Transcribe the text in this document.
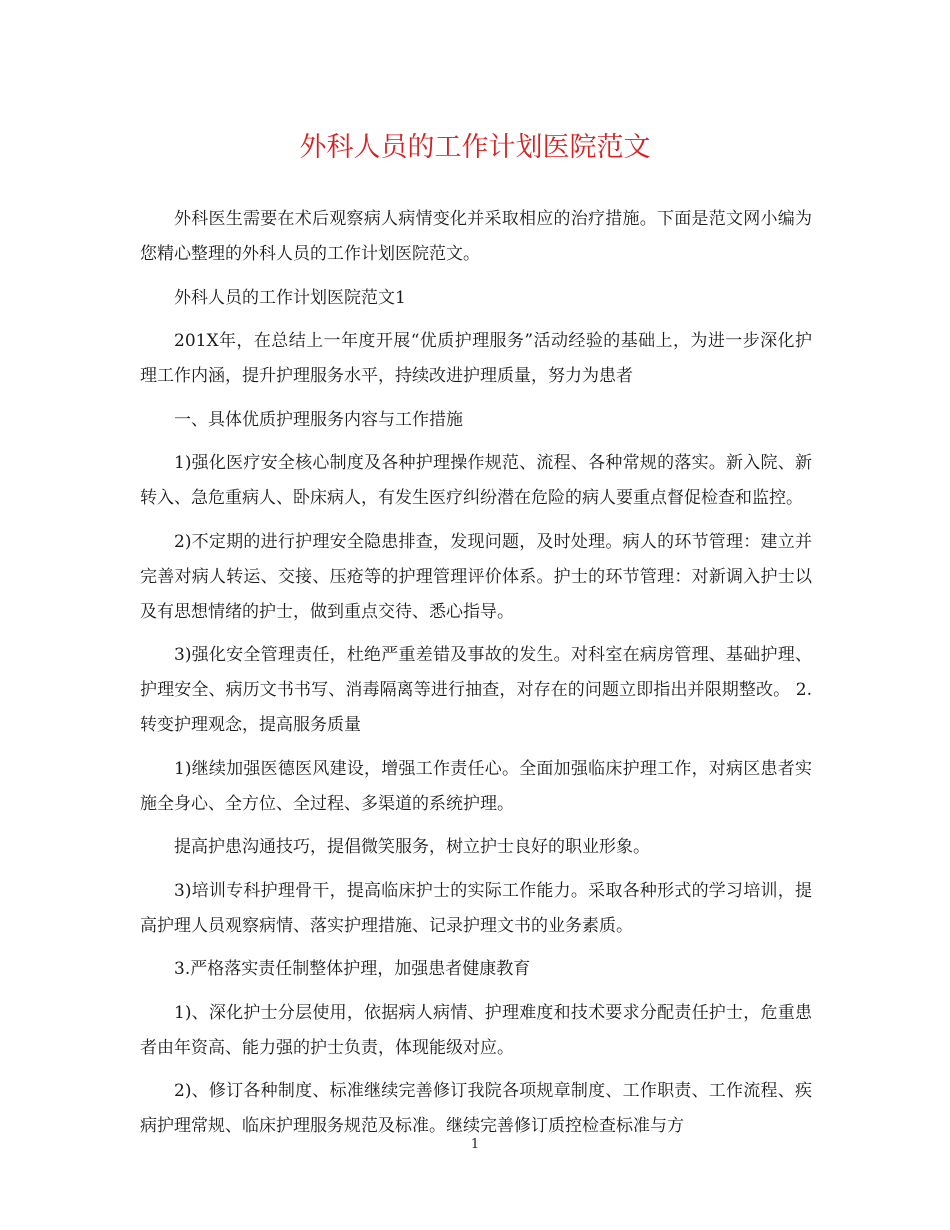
外科人员的工作计划医院范文

外科医生需要在术后观察病人病情变化并采取相应的治疗措施。下面是范文网小编为您精心整理的外科人员的工作计划医院范文。

外科人员的工作计划医院范文1

201X年，在总结上一年度开展“优质护理服务”活动经验的基础上，为进一步深化护理工作内涵，提升护理服务水平，持续改进护理质量，努力为患者

一、具体优质护理服务内容与工作措施

1)强化医疗安全核心制度及各种护理操作规范、流程、各种常规的落实。新入院、新转入、急危重病人、卧床病人，有发生医疗纠纷潜在危险的病人要重点督促检查和监控。

2)不定期的进行护理安全隐患排查，发现问题，及时处理。病人的环节管理：建立并完善对病人转运、交接、压疮等的护理管理评价体系。护士的环节管理：对新调入护士以及有思想情绪的护士，做到重点交待、悉心指导。

3)强化安全管理责任，杜绝严重差错及事故的发生。对科室在病房管理、基础护理、护理安全、病历文书书写、消毒隔离等进行抽查，对存在的问题立即指出并限期整改。 2.转变护理观念，提高服务质量

1)继续加强医德医风建设，增强工作责任心。全面加强临床护理工作，对病区患者实施全身心、全方位、全过程、多渠道的系统护理。

提高护患沟通技巧，提倡微笑服务，树立护士良好的职业形象。

3)培训专科护理骨干，提高临床护士的实际工作能力。采取各种形式的学习培训，提高护理人员观察病情、落实护理措施、记录护理文书的业务素质。

3.严格落实责任制整体护理，加强患者健康教育

1)、深化护士分层使用，依据病人病情、护理难度和技术要求分配责任护士，危重患者由年资高、能力强的护士负责，体现能级对应。

2)、修订各种制度、标准继续完善修订我院各项规章制度、工作职责、工作流程、疾病护理常规、临床护理服务规范及标准。继续完善修订质控检查标准与方

1
